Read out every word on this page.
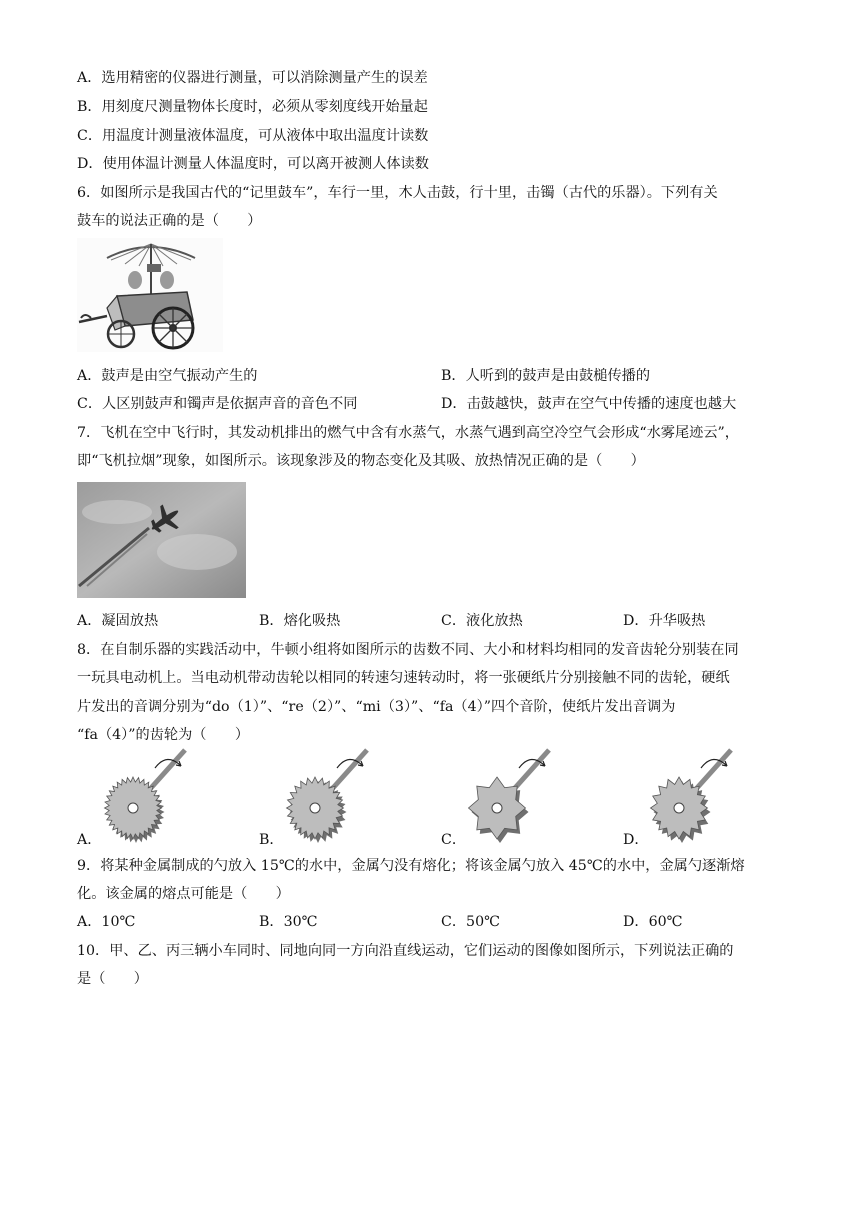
A．选用精密的仪器进行测量，可以消除测量产生的误差
B．用刻度尺测量物体长度时，必须从零刻度线开始量起
C．用温度计测量液体温度，可从液体中取出温度计读数
D．使用体温计测量人体温度时，可以离开被测人体读数
6．如图所示是我国古代的“记里鼓车”，车行一里，木人击鼓，行十里，击镯（古代的乐器）。下列有关
鼓车的说法正确的是（　　）
A．鼓声是由空气振动产生的	B．人听到的鼓声是由鼓槌传播的
C．人区别鼓声和镯声是依据声音的音色不同	D．击鼓越快，鼓声在空气中传播的速度也越大
7．飞机在空中飞行时，其发动机排出的燃气中含有水蒸气，水蒸气遇到高空冷空气会形成“水雾尾迹云”，
即“飞机拉烟”现象，如图所示。该现象涉及的物态变化及其吸、放热情况正确的是（　　）
A．凝固放热	B．熔化吸热	C．液化放热	D．升华吸热
8．在自制乐器的实践活动中，牛顿小组将如图所示的齿数不同、大小和材料均相同的发音齿轮分别装在同
一玩具电动机上。当电动机带动齿轮以相同的转速匀速转动时，将一张硬纸片分别接触不同的齿轮，硬纸
片发出的音调分别为“do（1）”、“re（2）”、“mi（3）”、“fa（4）”四个音阶，使纸片发出音调为
“fa（4）”的齿轮为（　　）
A．	B．	C．	D．
9．将某种金属制成的勺放入 15℃的水中，金属勺没有熔化；将该金属勺放入 45℃的水中，金属勺逐渐熔
化。该金属的熔点可能是（　　）
A．10℃	B．30℃	C．50℃	D．60℃
10．甲、乙、丙三辆小车同时、同地向同一方向沿直线运动，它们运动的图像如图所示，下列说法正确的
是（　　）
